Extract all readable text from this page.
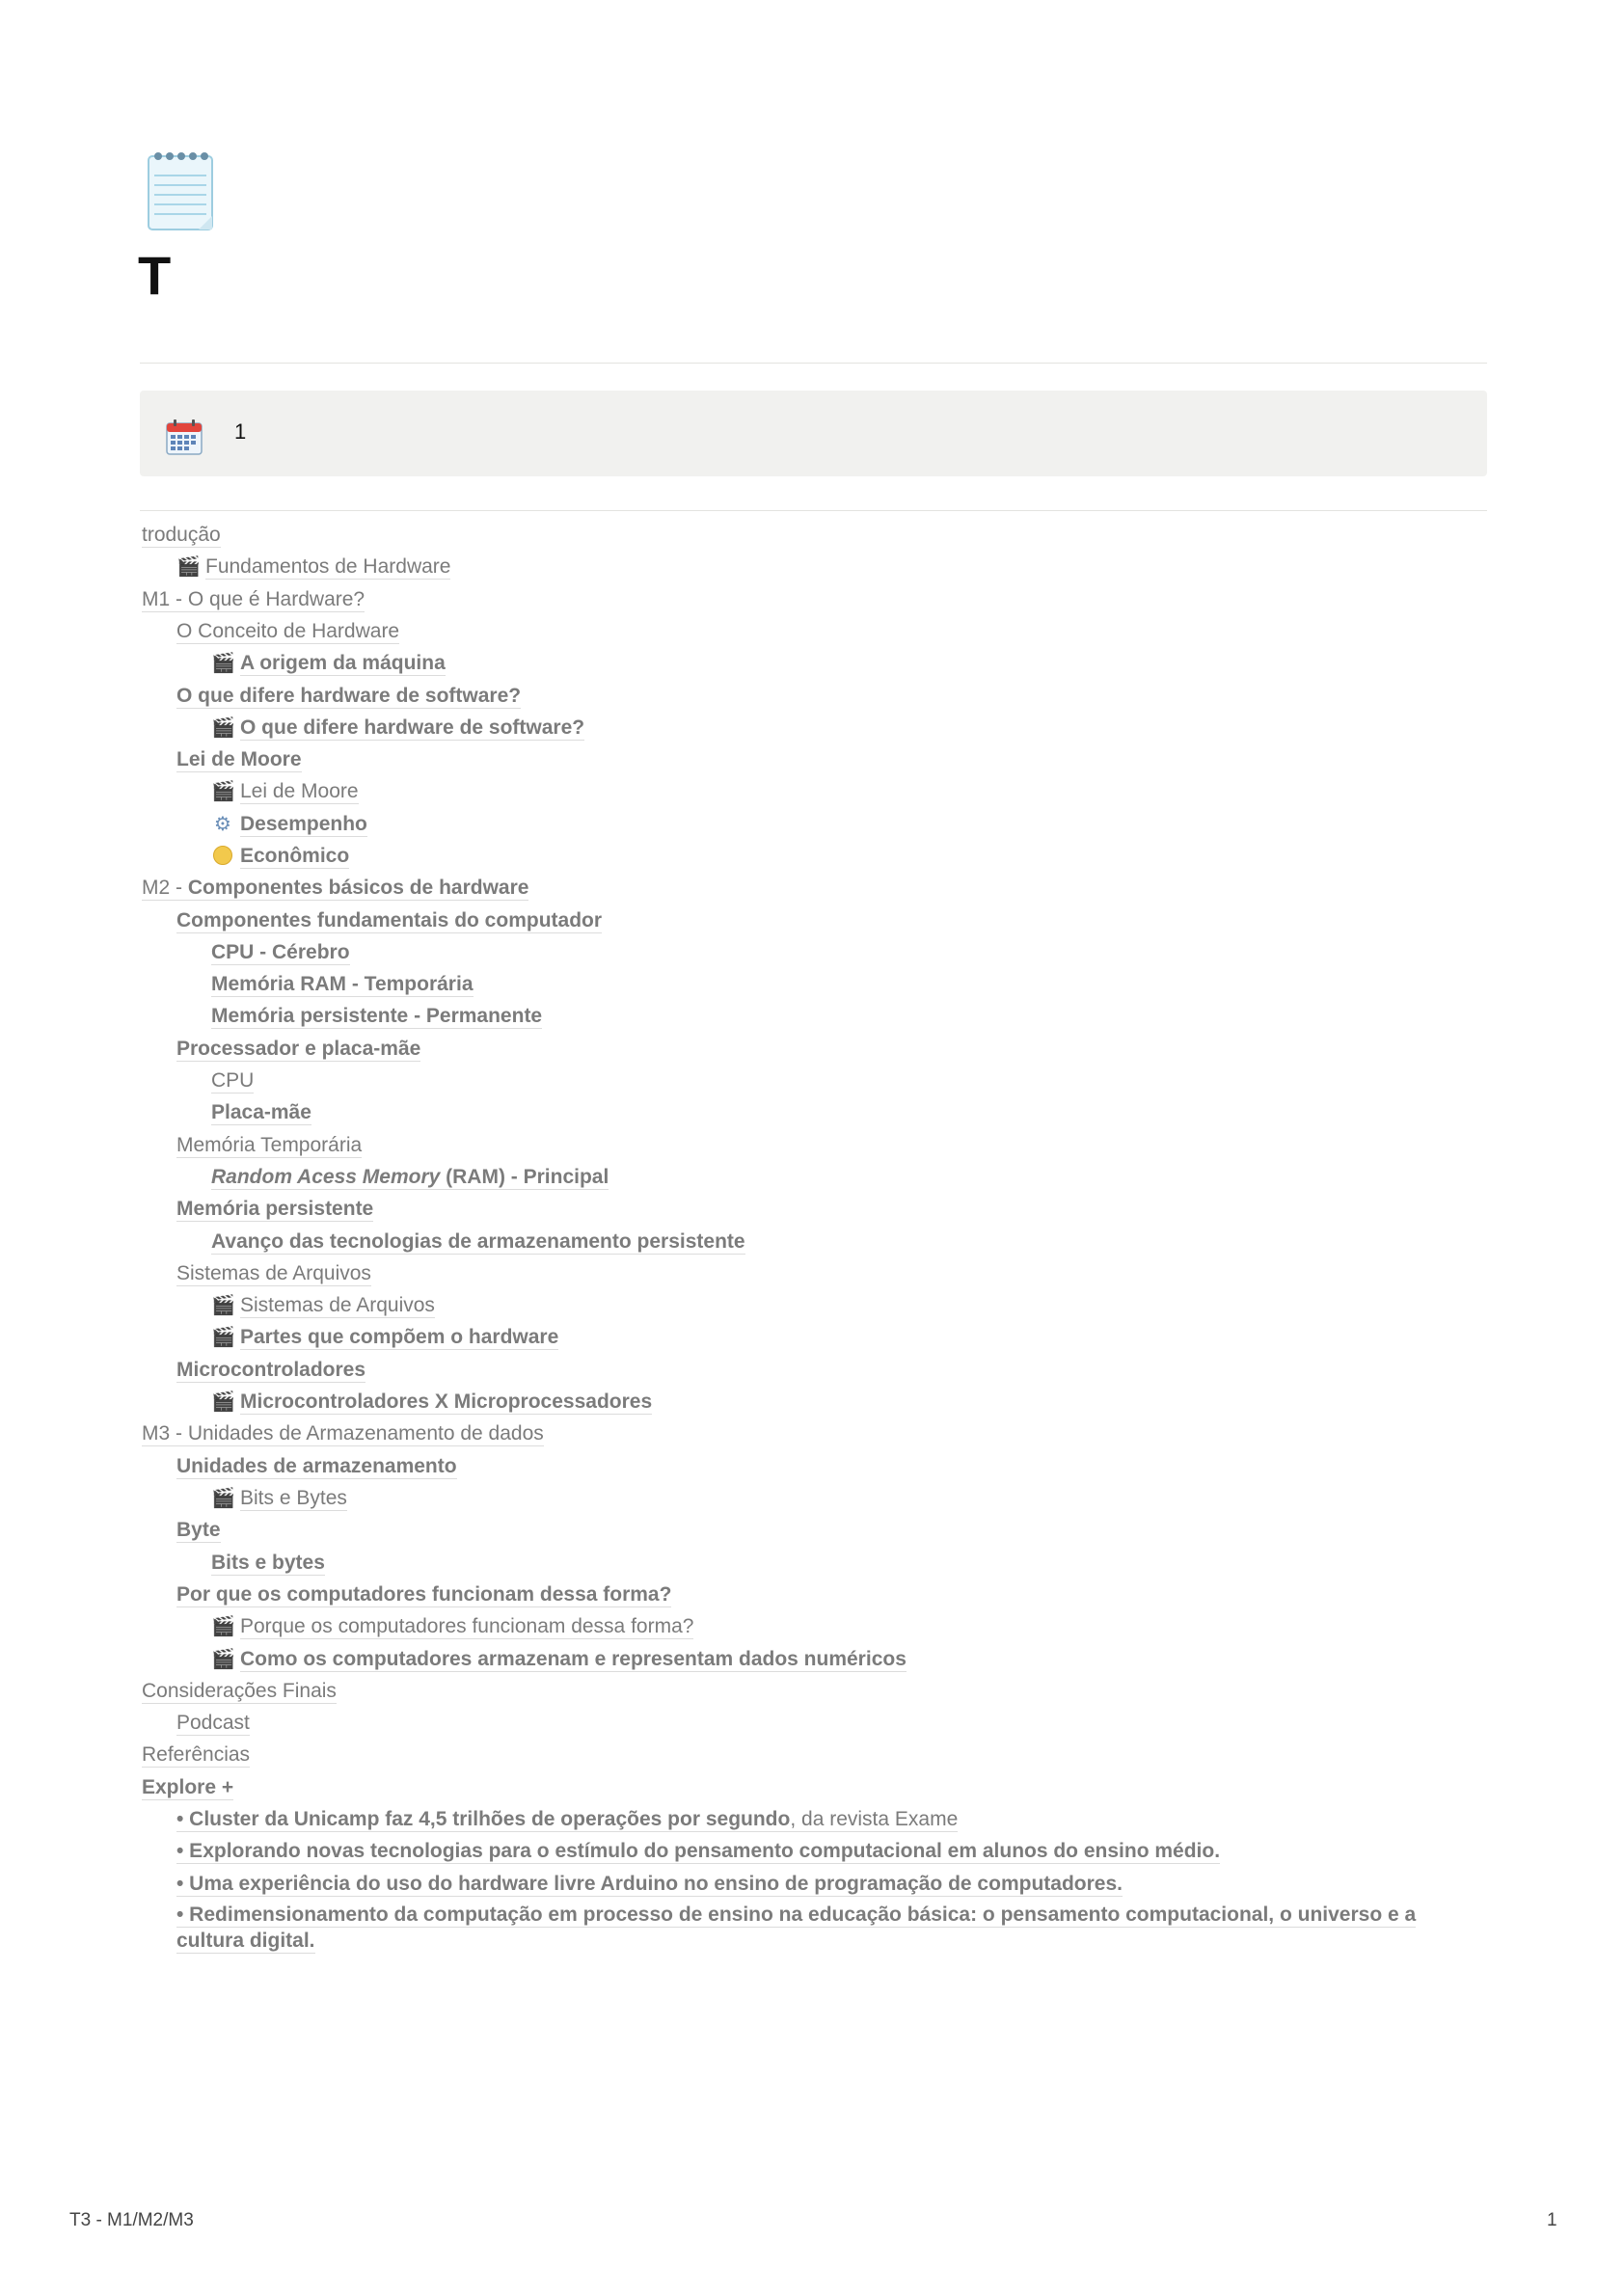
T
1
trodução
🎬 Fundamentos de Hardware
M1 - O que é Hardware?
O Conceito de Hardware
🎬 A origem da máquina
O que difere hardware de software?
🎬 O que difere hardware de software?
Lei de Moore
🎬 Lei de Moore
⚙ Desempenho
Econômico
M2 - Componentes básicos de hardware
Componentes fundamentais do computador
CPU - Cérebro
Memória RAM - Temporária
Memória persistente - Permanente
Processador e placa-mãe
CPU
Placa-mãe
Memória Temporária
Random Acess Memory (RAM) - Principal
Memória persistente
Avanço das tecnologias de armazenamento persistente
Sistemas de Arquivos
🎬 Sistemas de Arquivos
🎬 Partes que compõem o hardware
Microcontroladores
🎬 Microcontroladores X Microprocessadores
M3 - Unidades de Armazenamento de dados
Unidades de armazenamento
🎬 Bits e Bytes
Byte
Bits e bytes
Por que os computadores funcionam dessa forma?
🎬 Porque os computadores funcionam dessa forma?
🎬 Como os computadores armazenam e representam dados numéricos
Considerações Finais
Podcast
Referências
Explore +
• Cluster da Unicamp faz 4,5 trilhões de operações por segundo, da revista Exame
• Explorando novas tecnologias para o estímulo do pensamento computacional em alunos do ensino médio.
• Uma experiência do uso do hardware livre Arduino no ensino de programação de computadores.
• Redimensionamento da computação em processo de ensino na educação básica: o pensamento computacional, o universo e a cultura digital.
T3 - M1/M2/M3	1
